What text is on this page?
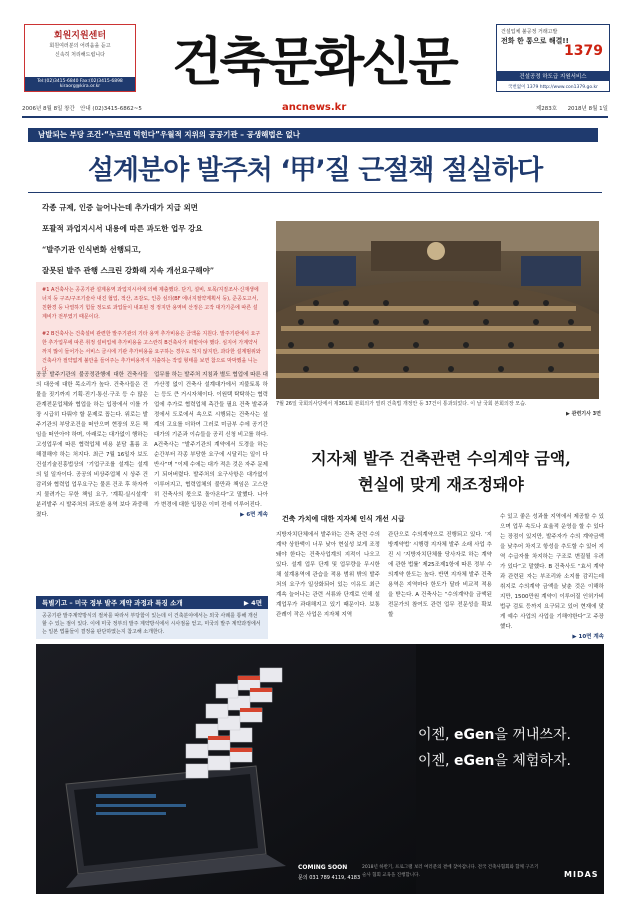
회원지원센터
회원여러분의 어려움을 듣고
신속히 처리해드립니다
Tel:(02)3415-6840 Fax:(02)3415-6898 kiraorg@kira.or.kr	건축문화신문
건설업체 불공정 거래고발
전화 한 통으로 해결!!
1379
건설공정 하도급 지원서비스
국번없이 1379 http://www.con1379.go.kr
2006년 8월 8일 창간 안내 (02)3415-6862~5	ancnews.kr	제283호 2018년 8월 1일
남발되는 부당 조건·“누르면 먹힌다”우월적 지위의 공공기관 – 공생해법은 없나
설계분야 발주처 ‘甲’질 근절책 절실하다
각종 규제, 인증 늘어나는데 추가대가 지급 외면
포괄적 과업지시서 내용에 따른 과도한 업무 강요
“발주기관 인식변화 선행되고,
잘못된 발주 관행 스크린 강화해 지속 개선요구해야”
#1 A건축사는 공공기관 설계용역 과업지시서에 의해 제출했다. 단기, 설비, 토목/지질조사·신재생에너지 등 구조/구조기술사 내진 협업, 적산, 조감도, 인증 심의(BF 에너지절약계획서 등), 준공도고서, 친환경 등 나열하기 힘들 정도로 과업들이 내포된 정 정지만 용역비 산정은 고작 대가기준에 따른 설계비가 전부였기 때문이다.
#2 B건축사는 건축설비 관련한 발주기관의 기타 용역 추가비용은 금액을 지원다. 발주기관에서 요구한 추가업무에 따른 취정 설비업체 추가비용을 고스란히 B건축사가 떠맡아야 했다. 심지어 가계약서까지 많이 들어가는 서비스 금시에 기관 추가비용을 요구하는 경우도 적지 않지만, 과다한 설계범위와 건축사가 절약없게 불만을 들어주는 추가비용까지 지출하는 작업 형태를 보면 참으로 막막했을 니는다.
7월 26일 국회의사당에서 제361회 본회의가 열려 건축법 개정안 등 37건이 통과되었다. 이 날 국회 본회의장 모습.
▶ 관련기사 3면
공공 발주기관의 불공정관행에 대한 건축사들의 대응에 대한 목소리가 높다. 건축사들은 건물을 짓기까지 기획·진기·통신·구조 등 수 많은 관계전문업체와 협업을 하는 입장에서 이를 가장 시급히 다뤄야 할 문제로 꼽는다. 위로는 발주기관의 부당조건을 떠안으며 현장의 모든 책임을 떠안아야 하며, 아래로는 대가없이 행하는 고성업무에 따른 협력업체 비용 분담 흘름 조 해결해야 하는 처지다. 최근 7월 16일자 보도 건설기술진흥법상의 ‘기업구조를 설계는 설계의 일 일자이다. 공공의 비상주업체 시 상주 건감리와 협력업 업무요구는 물론 건조 후 하자까지 물려가는 무한 책임 요구, ‘계획·실시설계’ 분리발주 시 발주처의 과도한 용역 보다 과중해졌다.
업무를 하는 발주처 지침과 별도 협업에 따른 대가산정 없이 건축사 설계대가에서 지불토록 하는 등도 큰 거시자체이다. 이원택 탁탁하는 협력업에 추가로 협력업체 측간들 필요 건축 발주과정에서 도로에서 속으로 시행되는 건축사는 설계의 고요를 더하여 그러로 미금부 수에 공기간 대가의 기준과 이슈들을 공리 신청 비고를 하다. A건축사는 “발주기관의 계약에서 도경을 하는 순간부터 각종 부당한 요구에 시달리는 일이 다반사”며 “이제 수에는 대가 적은 것은 자주 문제기 되어버렸다. 발주처의 요구사항은 대가없이 이루어지고, 협력업체의 불만과 책임은 고스란히 건축사의 몫으로 돌아온다”고 말했다. 나아가 변경에 대한 입장은 이미 전에 이루어진다.
▶ 6면 계속
특별기고 – 미국 정부 발주 계약 과정과 특징 소개	▶ 4면
공공기관 발주계약방식의 절차를 따라서 부당함이 있는데 이 건축분야에서는 외국 사례를 통해 개선할 수 있는 점이 있다. 이에 미국 정부의 발주 계약방식에서 시사점을 얻고, 미국의 발주 계약과정에서는 일본 법률들이 결정을 판단하였는지 참고해 소개한다.
지자체 발주 건축관련 수의계약 금액,
현실에 맞게 재조정돼야
건축 가치에 대한 지자체 인식 개선 시급
지방자치단체에서 발주하는 건축 관련 수의계약 상한액이 너무 낮아 현실성 보게 조정돼야 한다는 건축사업계의 지적이 나오고 있다. 설계 업무 단계 및 업무량을 무시한 채 설계용역에 관습을 적용 범위 밖의 발주처의 요구가 일상화되어 있는 이유도 최근 계속 늘어나는 관련 서류와 단계로 인해 설계업무가 과대해지고 있기 때문이다. 보통 관례이 작은 사업은 지자체 지역
관단으로 수의계약으로 진행되고 있다. ‘지방계약법’ 시행령 지자체 발주 소래 사업 추진 시 ‘지방자치단체를 당사자로 하는 계약에 관한 법률’ 제25조제1항에 따른 정부 수의계약 한도는 높다. 반면 지자체 발주 건축 용역은 지역마다 한도가 달라 비교적 적용을 받는다. A 건축사는 “수의계약을 금액된 전문가의 참여도 관련 업무 전문성을 확보할
수 있고 좋은 성과를 지역에서 제공할 수 있으며 업무 속도나 효율적 운영을 할 수 있다는 장점이 있지만, 발주자가 수의 계약금액을 낮추어 차지고 항성을 추도할 수 있어 지역 수급자를 차지하는 구조로 변질될 우려가 있다”고 말했다. B 건축사도 “효서 계약과 관련된 자는 부조리와 소지를 감리는데 취지로 수의계약 금액을 낮춘 것은 이해하지만, 1500만원 계약이 이루어질 인허가비 법규 검토 등까지 요구되고 있어 현재에 맞게 예수 사업의 사업을 기해야한다”고 주장했다.
▶ 10면 계속
이젠, eGen을 꺼내쓰자.
이젠, eGen을 체험하자.
COMING SOON
문의 031 789 4119, 4183
2018년 하반기, 프로그램 보러 여러분의 곁에 찾아갑니다. 전국 건축사협회와 함께 구조기술사 협회 교육을 진행합니다.	MIDAS
